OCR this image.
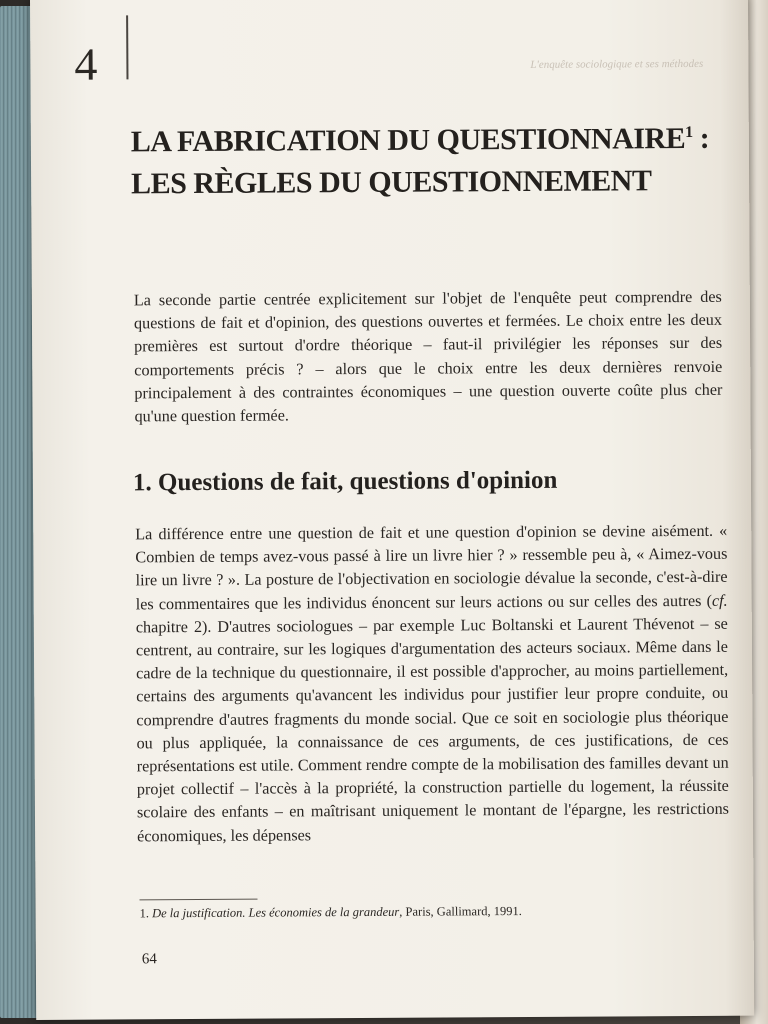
4	L'enquête sociologique et ses méthodes
LA FABRICATION DU QUESTIONNAIRE$^1$ :
LES RÈGLES DU QUESTIONNEMENT

La seconde partie centrée explicitement sur l'objet de l'enquête peut comprendre des questions de fait et d'opinion, des questions ouvertes et fermées. Le choix entre les deux premières est surtout d'ordre théorique – faut-il privilégier les réponses sur des comportements précis ? – alors que le choix entre les deux dernières renvoie principalement à des contraintes économiques – une question ouverte coûte plus cher qu'une question fermée.

1. Questions de fait, questions d'opinion

La différence entre une question de fait et une question d'opinion se devine aisément. « Combien de temps avez-vous passé à lire un livre hier ? » ressemble peu à, « Aimez-vous lire un livre ? ». La posture de l'objectivation en sociologie dévalue la seconde, c'est-à-dire les commentaires que les individus énoncent sur leurs actions ou sur celles des autres (cf. chapitre 2). D'autres sociologues – par exemple Luc Boltanski et Laurent Thévenot – se centrent, au contraire, sur les logiques d'argumentation des acteurs sociaux. Même dans le cadre de la technique du questionnaire, il est possible d'approcher, au moins partiellement, certains des arguments qu'avancent les individus pour justifier leur propre conduite, ou comprendre d'autres fragments du monde social. Que ce soit en sociologie plus théorique ou plus appliquée, la connaissance de ces arguments, de ces justifications, de ces représentations est utile. Comment rendre compte de la mobilisation des familles devant un projet collectif – l'accès à la propriété, la construction partielle du logement, la réussite scolaire des enfants – en maîtrisant uniquement le montant de l'épargne, les restrictions économiques, les dépenses

1. De la justification. Les économies de la grandeur, Paris, Gallimard, 1991.
64
